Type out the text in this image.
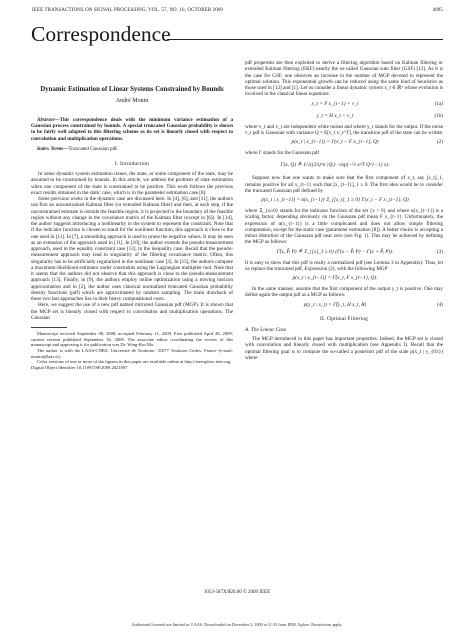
IEEE TRANSACTIONS ON SIGNAL PROCESSING, VOL. 57, NO. 10, OCTOBER 2009	4095
Correspondence
Dynamic Estimation of Linear Systems Constrained by Bounds
André Monin
Abstract—This correspondence deals with the minimum variance estimation of a Gaussian process constrained by bounds. A special truncated Gaussian probability is shown to be fairly well adapted to this filtering scheme as its set is linearly closed with respect to convolution and multiplication operations.
Index Terms—Truncated Gaussian pdf.
I. Introduction

In some dynamic system estimation issues, the state, or some component of the state, may be assumed to be constrained by bounds. In this article, we address the problem of state estimation when one component of the state is constrained to be positive. This work follows the previous exact results obtained in the static case, which is in the parameter estimation case [8].

Some previous works in the dynamic case are discussed here. In [4], [6], and [11], the authors use first an unconstrained Kalman filter (or extended Kalman filter) and then, at each step, if the unconstrained estimate is outside the feasible region, it is projected to the boundary of the feasible region without any change in the covariance matrix of the Kalman filter (except in [6]). In [14], the author suggests introducing a nonlinearity in the system to represent the constraint. Note that if the indicator function is chosen to stand for the nonlinear function, this approach is close to the one used in [11]. In [7], a smoothing approach is used to prune the negative values. It may be seen as an extension of the approach used in [11]. In [10], the author extends the pseudo-measurement approach, used in the equality constraint case [13], to the inequality case. Recall that the pseudo-measurement approach may lead to singularity of the filtering covariance matrix. Often, this singularity has to be artificially regularized in the nonlinear case [3]. In [15], the authors compute a maximum-likelihood estimator under constraints using the Lagrangian multiplier tool. Note that it seems that the authors did not observe that this approach is close to the pseudo-measurement approach [13]. Finally, in [9], the authors employ online optimization using a moving horizon approximation and in [2], the author uses classical normalized truncated Gaussian probability density functions (pdf) which are approximated by random sampling. The main drawback of these two last approaches lies in their heavy computational costs.

Here, we suggest the use of a new pdf named mirrored Gaussian pdf (MGP). It is shown that the MGP set is linearly closed with respect to convolution and multiplication operations. The Gaussian

Manuscript received September 08, 2008; accepted February 11, 2009. First published April 28, 2009; current version published September 16, 2009. The associate editor coordinating the review of this manuscript and approving it for publication was Dr. Wing-Kin Ma.
The author is with the LAAS-CNRS, Université de Toulouse, 31077 Toulouse Cedex, France (e-mail: monin@laas.fr).
Color versions of one or more of the figures in this paper are available online at http://ieeexplore.ieee.org.
Digital Object Identifier 10.1109/TSP.2009.2021697

pdf properties are then exploited to derive a filtering algorithm based on Kalman filtering or extended Kalman filtering (EKF) nearby the so-called Gaussian sum filter (GSF) [12]. As it is the case for GSF, one observes an increase in the number of MGP devoted to represent the optimal solution. This exponential growth can be reduced using the same kind of heuristics as those used in [12] and [1]. Let us consider a linear dynamic system x_t ∈ ℝⁿ whose evolution is involved in the classical linear equations:

x_t = F x_{t−1} + v_t	(1a)
y_t = H x_t + v_t	(1b)

where v_t and v_t are independent white noises and where y_t stands for the output. If the noise v_t pdf is Gaussian with variance Q = E[v_t v_t^T], the transition pdf of the state can be written

p(x_t | x_{t−1}) = Γ(x_t − F x_{t−1}, Q)	(2)

where Γ stands for the Gaussian pdf

Γ(x, Q) ≜ 1/√((2π)^n |Q|) · exp(−½ x^T Q^{−1} x).

Suppose now that one wants to make sure that the first component of x_t, say [x_t]_1, remains positive for all x_{t−1} such that [x_{t−1}]_1 ≥ 0. The first idea would be to consider the truncated Gaussian pdf defined by

p(x_t | x_{t−1}) = α(x_{t−1}) 𝟙_{[x_t]_1 ≥ 0} Γ(x_t − F x_{t−1}, Q)

where 𝟙_{x≥0} stands for the indicator function of the set {x > 0} and where α(x_{t−1}) is a scaling factor, depending obviously on the Gaussian pdf mean F x_{t−1}. Unfortunately, the expression of α(x_{t−1}) is a little complicated and does not allow simple filtering computation, except for the static case (parameter estimation [8]). A better choice is accepting a minor distortion of the Gaussian pdf near zero (see Fig. 1). This may be achieved by defining the MGP as follows:

Γ̃(x, P̃, P) ≜ 𝟙_{[x]_1 ≥ 0} (Γ(x − P̃, P) − Γ(x + P̃, P)).	(3)

It is easy to show that this pdf is really a normalized pdf (see Lemma 3 in Appendix). Thus, let us replace the truncated pdf, Expression (2), with the following MGP

p(x_t | x_{t−1}) = Γ̃(x_t, F x_{t−1}, Q).

In the same manner, assume that the first component of the output y_t is positive. One may define again the output pdf as a MGP as follows:

p(y_t | x_t) = Γ̃(y_t, H x_t, R)	(4)
II. Optimal Filtering
A. The Linear Case

The MGP introduced in this paper has important properties. Indeed, the MGP set is closed with convolution and linearly closed with multiplication (see Appendix I). Recall that the optimal filtering goal is to compute the so-called a posteriori pdf of the state p(x_t | y_{0:t}) where

1053-587X/$26.00 © 2009 IEEE
Authorized licensed use limited to: LAAS. Downloaded on December 3, 2009 at 11:35 from IEEE Xplore. Restrictions apply.
